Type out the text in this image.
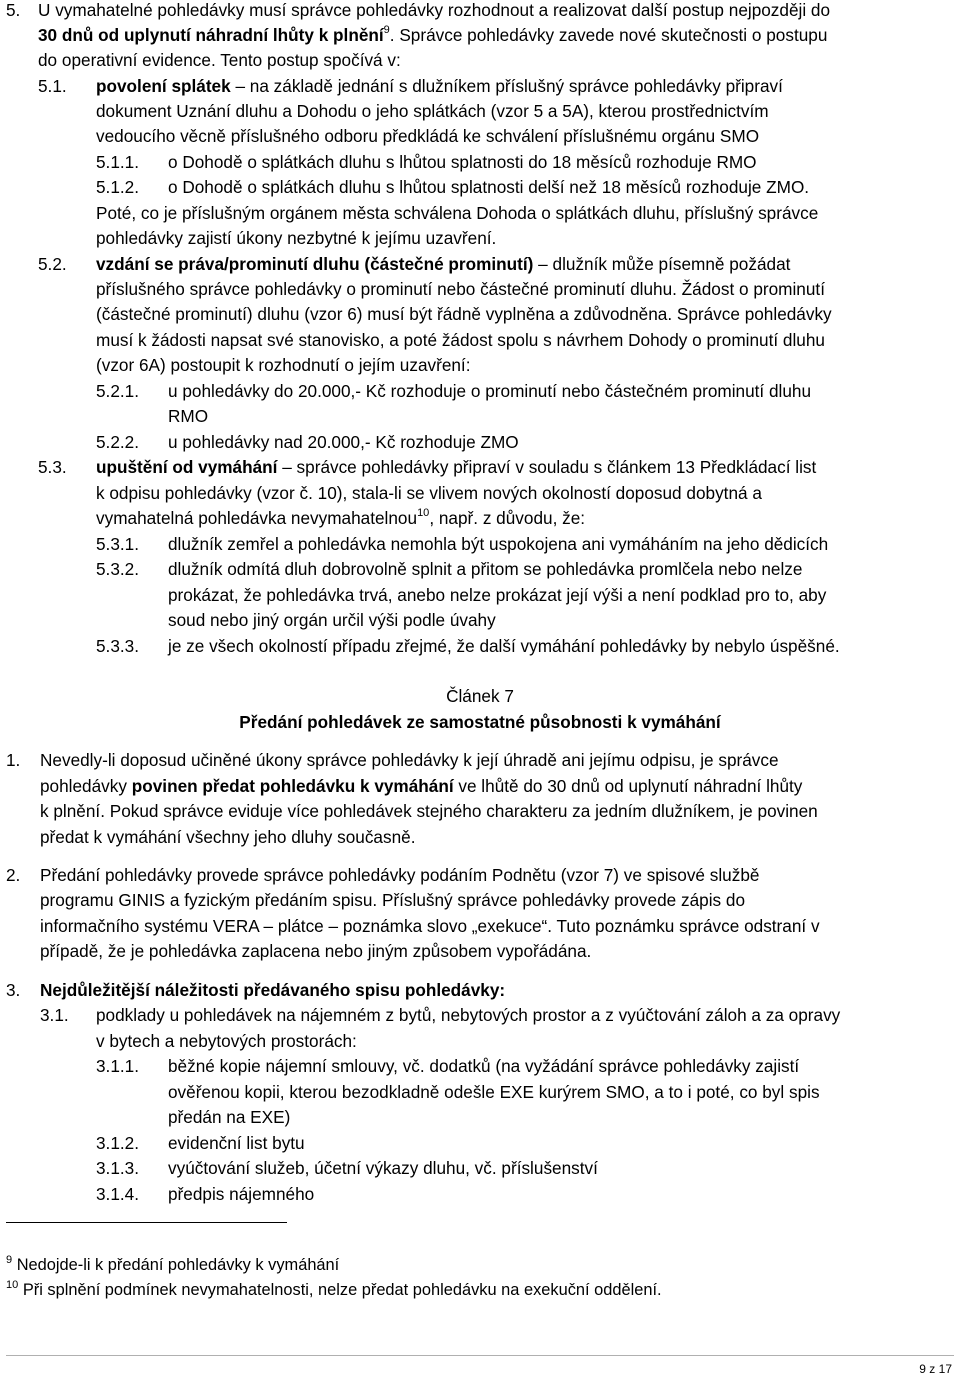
5. U vymahatelné pohledávky musí správce pohledávky rozhodnout a realizovat další postup nejpozději do
30 dnů od uplynutí náhradní lhůty k plnění$^9$. Správce pohledávky zavede nové skutečnosti o postupu
do operativní evidence. Tento postup spočívá v:
5.1. povolení splátek – na základě jednání s dlužníkem příslušný správce pohledávky připraví
dokument Uznání dluhu a Dohodu o jeho splátkách (vzor 5 a 5A), kterou prostřednictvím
vedoucího věcně příslušného odboru předkládá ke schválení příslušnému orgánu SMO
5.1.1. o Dohodě o splátkách dluhu s lhůtou splatnosti do 18 měsíců rozhoduje RMO
5.1.2. o Dohodě o splátkách dluhu s lhůtou splatnosti delší než 18 měsíců rozhoduje ZMO.
Poté, co je příslušným orgánem města schválena Dohoda o splátkách dluhu, příslušný správce
pohledávky zajistí úkony nezbytné k jejímu uzavření.
5.2. vzdání se práva/prominutí dluhu (částečné prominutí) – dlužník může písemně požádat
příslušného správce pohledávky o prominutí nebo částečné prominutí dluhu. Žádost o prominutí
(částečné prominutí) dluhu (vzor 6) musí být řádně vyplněna a zdůvodněna. Správce pohledávky
musí k žádosti napsat své stanovisko, a poté žádost spolu s návrhem Dohody o prominutí dluhu
(vzor 6A) postoupit k rozhodnutí o jejím uzavření:
5.2.1. u pohledávky do 20.000,- Kč rozhoduje o prominutí nebo částečném prominutí dluhu
RMO
5.2.2. u pohledávky nad 20.000,- Kč rozhoduje ZMO
5.3. upuštění od vymáhání – správce pohledávky připraví v souladu s článkem 13 Předkládací list
k odpisu pohledávky (vzor č. 10), stala-li se vlivem nových okolností doposud dobytná a
vymahatelná pohledávka nevymahatelnou$^{10}$, např. z důvodu, že:
5.3.1. dlužník zemřel a pohledávka nemohla být uspokojena ani vymáháním na jeho dědicích
5.3.2. dlužník odmítá dluh dobrovolně splnit a přitom se pohledávka promlčela nebo nelze
prokázat, že pohledávka trvá, anebo nelze prokázat její výši a není podklad pro to, aby
soud nebo jiný orgán určil výši podle úvahy
5.3.3. je ze všech okolností případu zřejmé, že další vymáhání pohledávky by nebylo úspěšné.
Článek 7
Předání pohledávek ze samostatné působnosti k vymáhání
1. Nevedly-li doposud učiněné úkony správce pohledávky k její úhradě ani jejímu odpisu, je správce
pohledávky povinen předat pohledávku k vymáhání ve lhůtě do 30 dnů od uplynutí náhradní lhůty
k plnění. Pokud správce eviduje více pohledávek stejného charakteru za jedním dlužníkem, je povinen
předat k vymáhání všechny jeho dluhy současně.
2. Předání pohledávky provede správce pohledávky podáním Podnětu (vzor 7) ve spisové službě
programu GINIS a fyzickým předáním spisu. Příslušný správce pohledávky provede zápis do
informačního systému VERA – plátce – poznámka slovo „exekuce“. Tuto poznámku správce odstraní v
případě, že je pohledávka zaplacena nebo jiným způsobem vypořádána.
3. Nejdůležitější náležitosti předávaného spisu pohledávky:
3.1. podklady u pohledávek na nájemném z bytů, nebytových prostor a z vyúčtování záloh a za opravy
v bytech a nebytových prostorách:
3.1.1. běžné kopie nájemní smlouvy, vč. dodatků (na vyžádání správce pohledávky zajistí
ověřenou kopii, kterou bezodkladně odešle EXE kurýrem SMO, a to i poté, co byl spis
předán na EXE)
3.1.2. evidenční list bytu
3.1.3. vyúčtování služeb, účetní výkazy dluhu, vč. příslušenství
3.1.4. předpis nájemného
$^9$ Nedojde-li k předání pohledávky k vymáhání
$^{10}$ Při splnění podmínek nevymahatelnosti, nelze předat pohledávku na exekuční oddělení.
9 z 17
